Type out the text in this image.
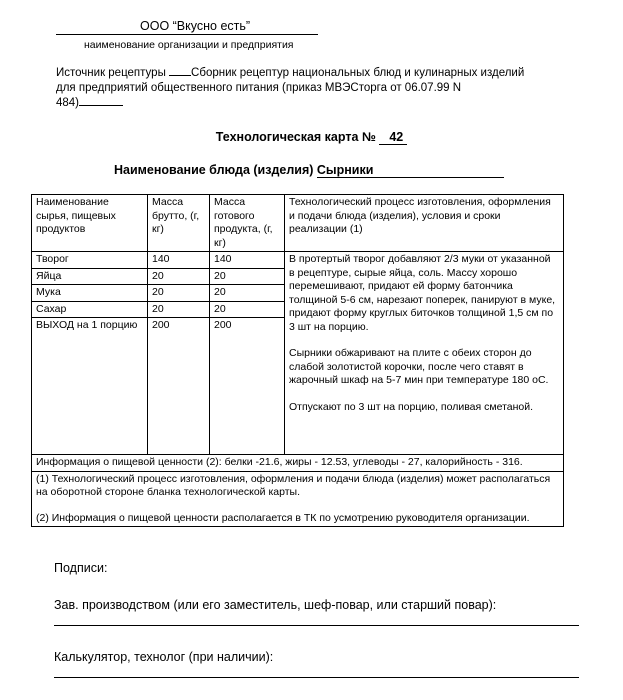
ООО “Вкусно есть”
наименование организации и предприятия
Источник рецептуры Сборник рецептур национальных блюд и кулинарных изделий
для предприятий общественного питания (приказ МВЭСторга от 06.07.99 N
484)
Технологическая карта № 42
Наименование блюда (изделия) Сырники
Наименование сырья, пищевых продуктов	Масса брутто, (г, кг)	Масса готового продукта, (г, кг)	Технологический процесс изготовления, оформления и подачи блюда (изделия), условия и сроки реализации (1)
Творог	140	140	В протертый творог добавляют 2/3 муки от указанной в рецептуре, сырые яйца, соль. Массу хорошо перемешивают, придают ей форму батончика толщиной 5-6 см, нарезают поперек, панируют в муке, придают форму круглых биточков толщиной 1,5 см по 3 шт на порцию.

Сырники обжаривают на плите с обеих сторон до слабой золотистой корочки, после чего ставят в жарочный шкаф на 5-7 мин при температуре 180 оС.

Отпускают по 3 шт на порцию, поливая сметаной.

Яйца	20	20	
Мука	20	20	
Сахар	20	20	
ВЫХОД на 1 порцию	200	200	
Информация о пищевой ценности (2): белки -21.6, жиры - 12.53, углеводы - 27, калорийность - 316.			

(1) Технологический процесс изготовления, оформления и подачи блюда (изделия) может располагаться на оборотной стороне бланка технологической карты.

(2) Информация о пищевой ценности располагается в ТК по усмотрению руководителя организации.			

Подписи:
Зав. производством (или его заместитель, шеф-повар, или старший повар):
Калькулятор, технолог (при наличии):
